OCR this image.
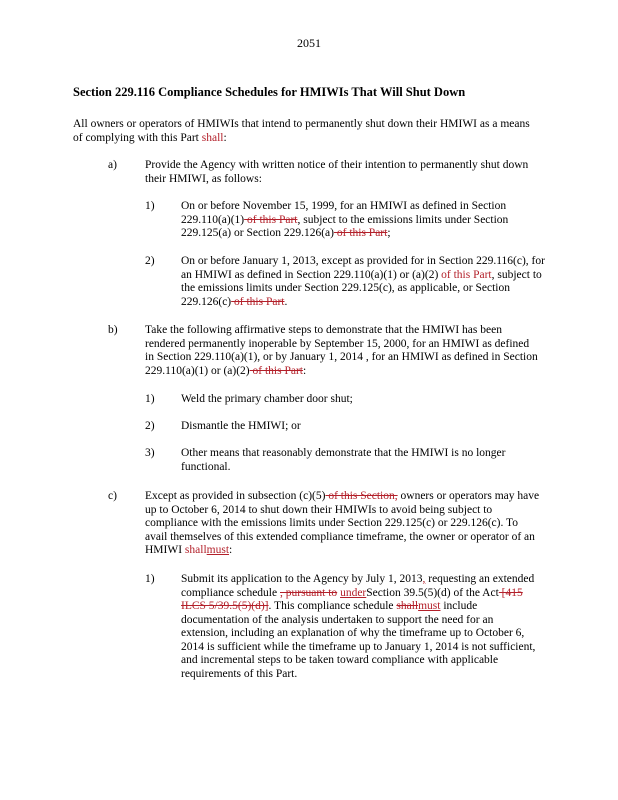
2051
Section 229.116 Compliance Schedules for HMIWIs That Will Shut Down
All owners or operators of HMIWIs that intend to permanently shut down their HMIWI as a means of complying with this Part shall:
a)	Provide the Agency with written notice of their intention to permanently shut down their HMIWI, as follows:
1)	On or before November 15, 1999, for an HMIWI as defined in Section 229.110(a)(1) of this Part, subject to the emissions limits under Section 229.125(a) or Section 229.126(a) of this Part;
2)	On or before January 1, 2013, except as provided for in Section 229.116(c), for an HMIWI as defined in Section 229.110(a)(1) or (a)(2) of this Part, subject to the emissions limits under Section 229.125(c), as applicable, or Section 229.126(c) of this Part.
b)	Take the following affirmative steps to demonstrate that the HMIWI has been rendered permanently inoperable by September 15, 2000, for an HMIWI as defined in Section 229.110(a)(1), or by January 1, 2014 , for an HMIWI as defined in Section 229.110(a)(1) or (a)(2) of this Part:
1)	Weld the primary chamber door shut;
2)	Dismantle the HMIWI; or
3)	Other means that reasonably demonstrate that the HMIWI is no longer functional.
c)	Except as provided in subsection (c)(5) of this Section, owners or operators may have up to October 6, 2014 to shut down their HMIWIs to avoid being subject to compliance with the emissions limits under Section 229.125(c) or 229.126(c). To avail themselves of this extended compliance timeframe, the owner or operator of an HMIWI shallmust:
1)	Submit its application to the Agency by July 1, 2013, requesting an extended compliance schedule , pursuant to underSection 39.5(5)(d) of the Act [415 ILCS 5/39.5(5)(d)]. This compliance schedule shallmust include documentation of the analysis undertaken to support the need for an extension, including an explanation of why the timeframe up to October 6, 2014 is sufficient while the timeframe up to January 1, 2014 is not sufficient, and incremental steps to be taken toward compliance with applicable requirements of this Part.
